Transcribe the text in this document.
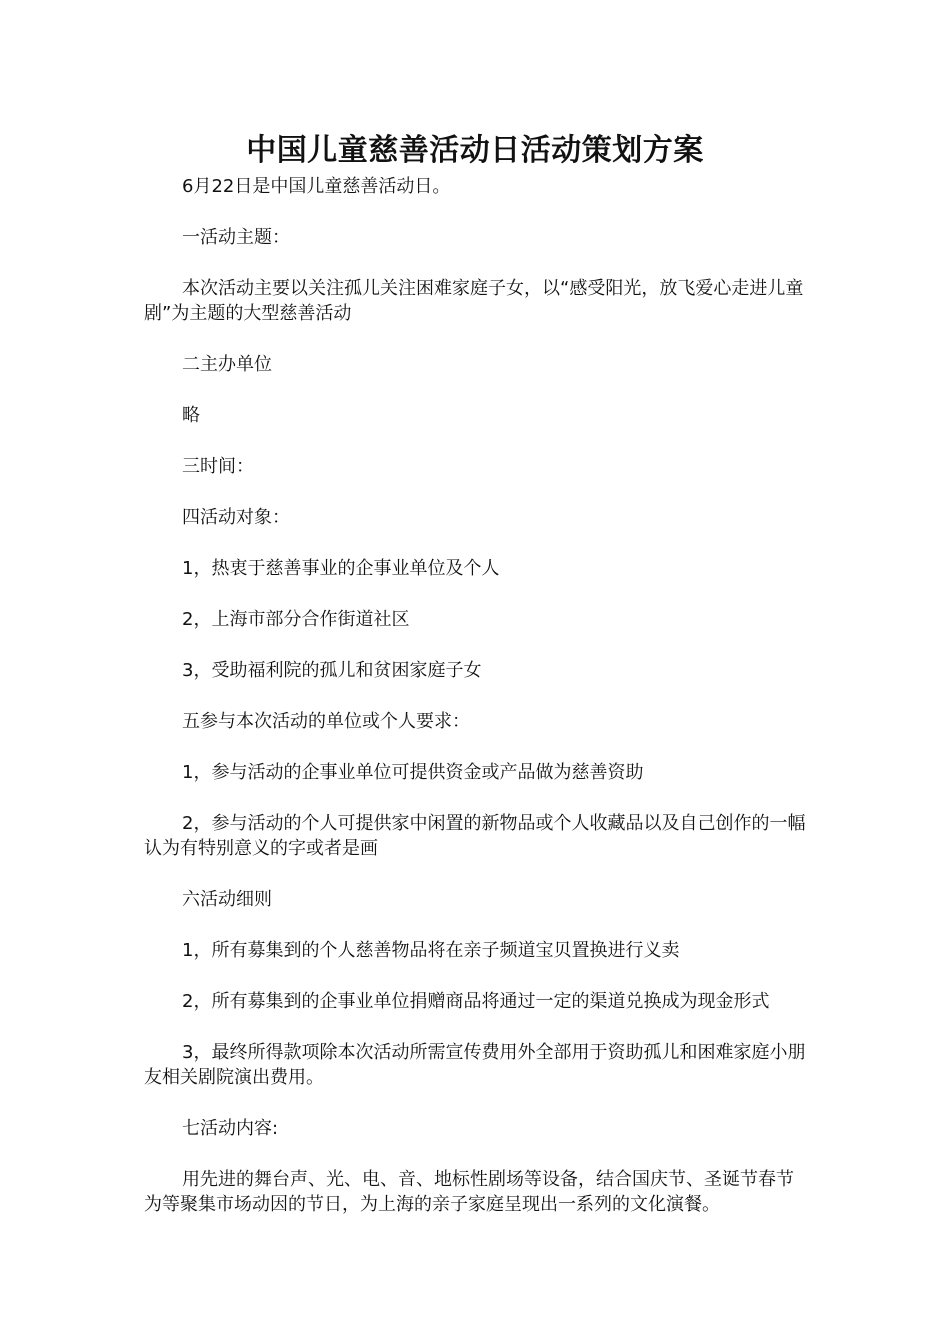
中国儿童慈善活动日活动策划方案

6月22日是中国儿童慈善活动日。

一活动主题：

本次活动主要以关注孤儿关注困难家庭子女，以“感受阳光，放飞爱心走进儿童剧”为主题的大型慈善活动

二主办单位

略

三时间：

四活动对象：

1，热衷于慈善事业的企事业单位及个人

2，上海市部分合作街道社区

3，受助福利院的孤儿和贫困家庭子女

五参与本次活动的单位或个人要求：

1，参与活动的企事业单位可提供资金或产品做为慈善资助

2，参与活动的个人可提供家中闲置的新物品或个人收藏品以及自己创作的一幅认为有特别意义的字或者是画

六活动细则

1，所有募集到的个人慈善物品将在亲子频道宝贝置换进行义卖

2，所有募集到的企事业单位捐赠商品将通过一定的渠道兑换成为现金形式

3，最终所得款项除本次活动所需宣传费用外全部用于资助孤儿和困难家庭小朋友相关剧院演出费用。

七活动内容:

用先进的舞台声、光、电、音、地标性剧场等设备，结合国庆节、圣诞节春节为等聚集市场动因的节日，为上海的亲子家庭呈现出一系列的文化演餐。
